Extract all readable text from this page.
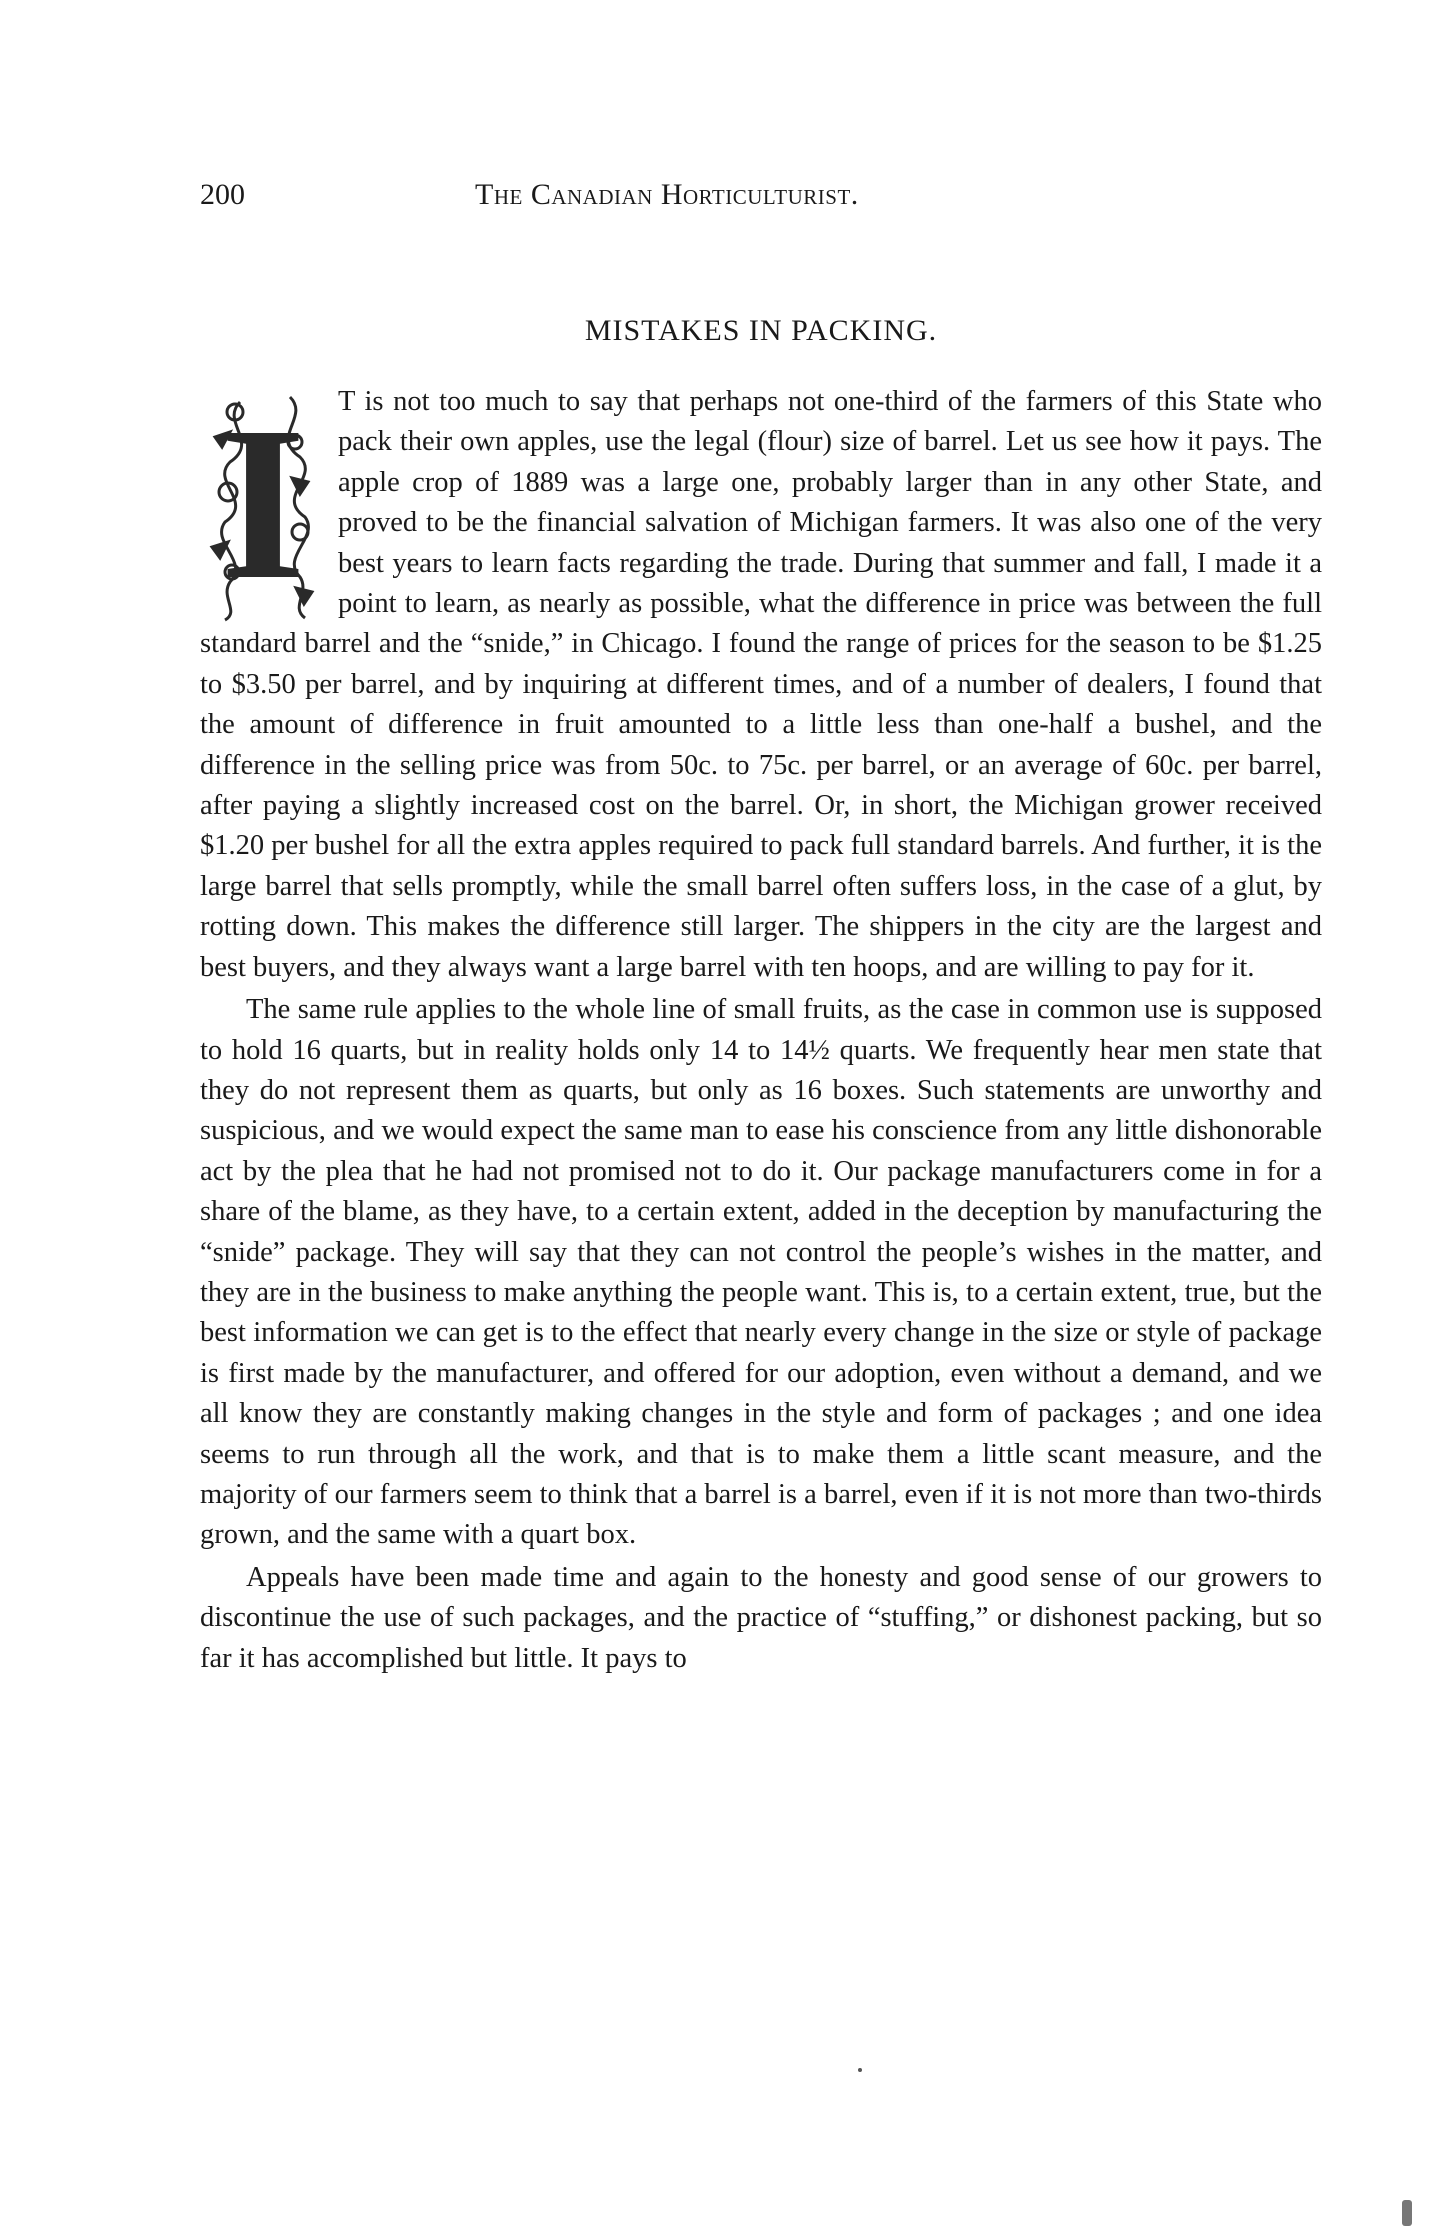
200	The Canadian Horticulturist.
MISTAKES IN PACKING.

I	T is not too much to say that perhaps not one-third of the farmers of this State who pack their own apples, use the legal (flour) size of barrel. Let us see how it pays. The apple crop of 1889 was a large one, probably larger than in any other State, and proved to be the financial salvation of Michigan farmers. It was also one of the very best years to learn facts regarding the trade. During that summer and fall, I made it a point to learn, as nearly as possible, what the difference in price was between the full standard barrel and the “snide,” in Chicago. I found the range of prices for the season to be $1.25 to $3.50 per barrel, and by inquiring at different times, and of a number of dealers, I found that the amount of difference in fruit amounted to a little less than one-half a bushel, and the difference in the selling price was from 50c. to 75c. per barrel, or an average of 60c. per barrel, after paying a slightly increased cost on the barrel. Or, in short, the Michigan grower received $1.20 per bushel for all the extra apples required to pack full standard barrels. And further, it is the large barrel that sells promptly, while the small barrel often suffers loss, in the case of a glut, by rotting down. This makes the difference still larger. The shippers in the city are the largest and best buyers, and they always want a large barrel with ten hoops, and are willing to pay for it.

The same rule applies to the whole line of small fruits, as the case in common use is supposed to hold 16 quarts, but in reality holds only 14 to 14½ quarts. We frequently hear men state that they do not represent them as quarts, but only as 16 boxes. Such statements are unworthy and suspicious, and we would expect the same man to ease his conscience from any little dishonorable act by the plea that he had not promised not to do it. Our package manufacturers come in for a share of the blame, as they have, to a certain extent, added in the deception by manufacturing the “snide” package. They will say that they can not control the people’s wishes in the matter, and they are in the business to make anything the people want. This is, to a certain extent, true, but the best information we can get is to the effect that nearly every change in the size or style of package is first made by the manufacturer, and offered for our adoption, even without a demand, and we all know they are constantly making changes in the style and form of packages ; and one idea seems to run through all the work, and that is to make them a little scant measure, and the majority of our farmers seem to think that a barrel is a barrel, even if it is not more than two-thirds grown, and the same with a quart box.

Appeals have been made time and again to the honesty and good sense of our growers to discontinue the use of such packages, and the practice of “stuffing,” or dishonest packing, but so far it has accomplished but little. It pays to
